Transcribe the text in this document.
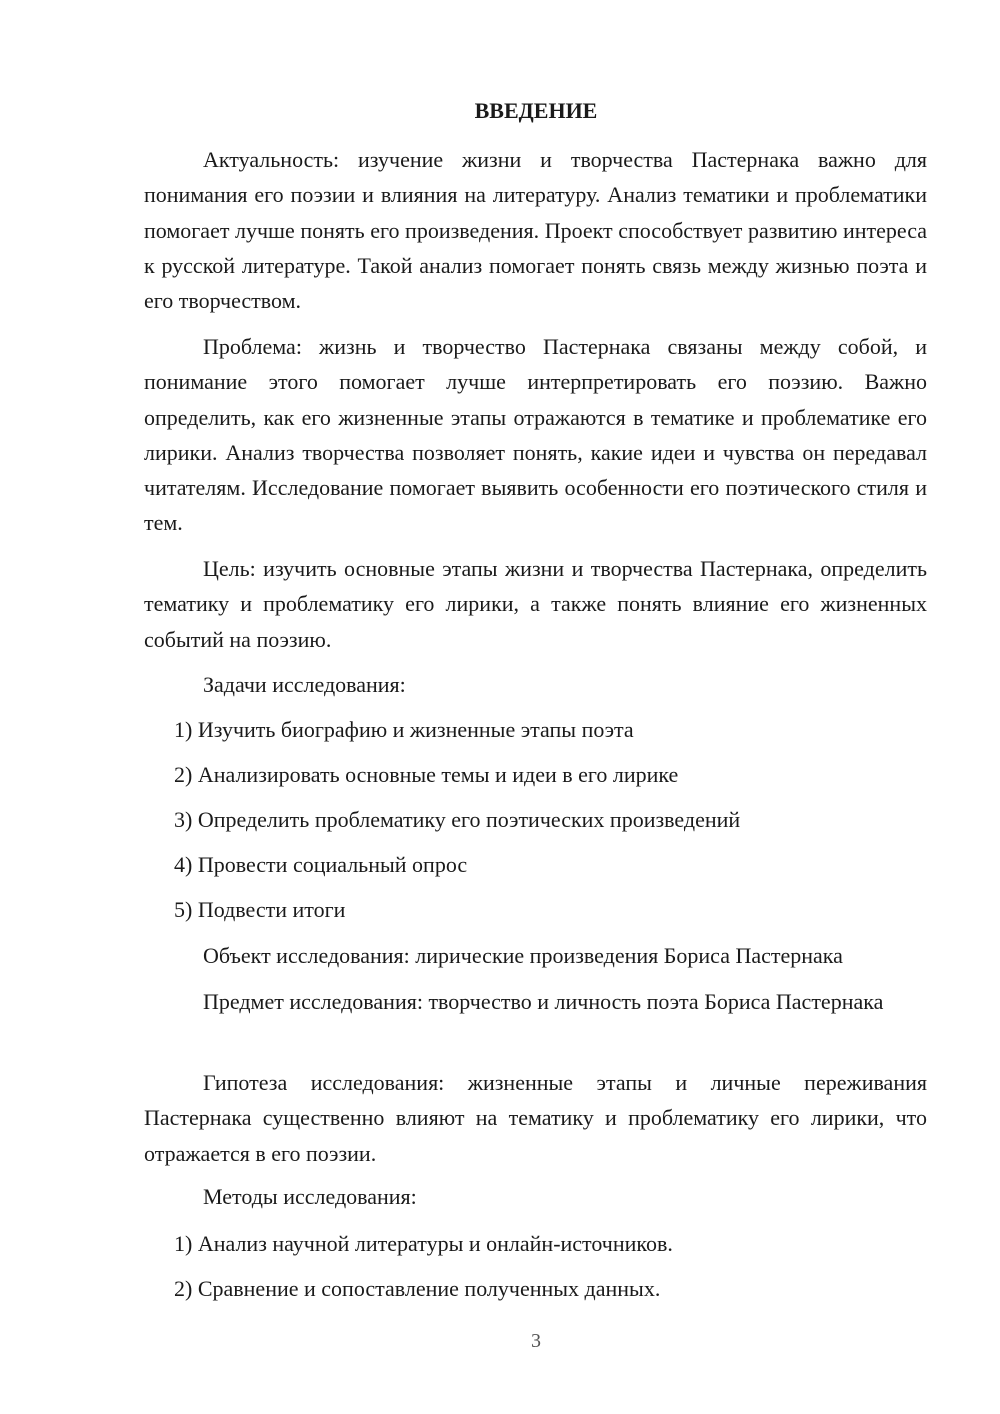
ВВЕДЕНИЕ

Актуальность: изучение жизни и творчества Пастернака важно для понимания его поэзии и влияния на литературу. Анализ тематики и проблематики помогает лучше понять его произведения. Проект способствует развитию интереса к русской литературе. Такой анализ помогает понять связь между жизнью поэта и его творчеством.

Проблема: жизнь и творчество Пастернака связаны между собой, и понимание этого помогает лучше интерпретировать его поэзию. Важно определить, как его жизненные этапы отражаются в тематике и проблематике его лирики. Анализ творчества позволяет понять, какие идеи и чувства он передавал читателям. Исследование помогает выявить особенности его поэтического стиля и тем.

Цель: изучить основные этапы жизни и творчества Пастернака, определить тематику и проблематику его лирики, а также понять влияние его жизненных событий на поэзию.

Задачи исследования:
1) Изучить биографию и жизненные этапы поэта
2) Анализировать основные темы и идеи в его лирике
3) Определить проблематику его поэтических произведений
4) Провести социальный опрос
5) Подвести итоги
Объект исследования: лирические произведения Бориса Пастернака

Предмет исследования: творчество и личность поэта Бориса Пастернака

Гипотеза исследования: жизненные этапы и личные переживания Пастернака существенно влияют на тематику и проблематику его лирики, что отражается в его поэзии.

Методы исследования:
1) Анализ научной литературы и онлайн-источников.
2) Сравнение и сопоставление полученных данных.
3
